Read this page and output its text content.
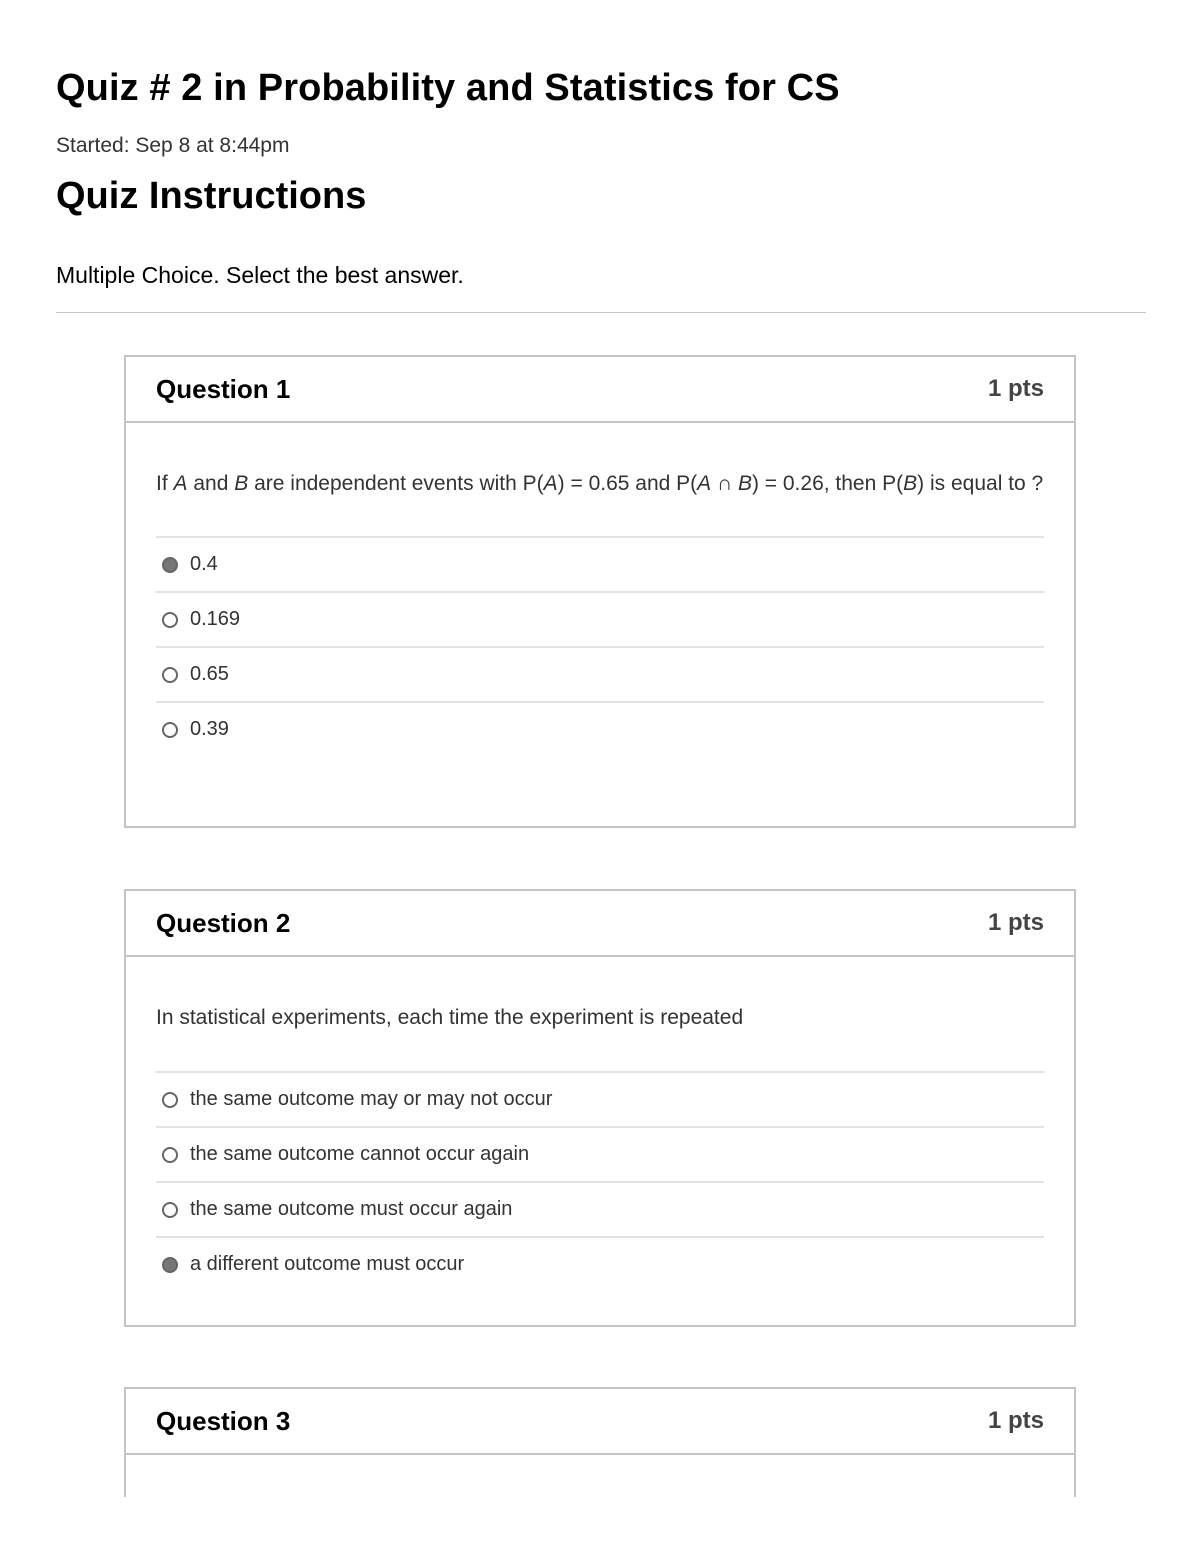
Quiz # 2 in Probability and Statistics for CS
Started: Sep 8 at 8:44pm
Quiz Instructions
Multiple Choice. Select the best answer.
Question 1	1 pts
If A and B are independent events with P(A) = 0.65 and P(A ∩ B) = 0.26, then P(B) is equal to ?
0.4
0.169
0.65
0.39
Question 2	1 pts
In statistical experiments, each time the experiment is repeated
the same outcome may or may not occur
the same outcome cannot occur again
the same outcome must occur again
a different outcome must occur
Question 3	1 pts
